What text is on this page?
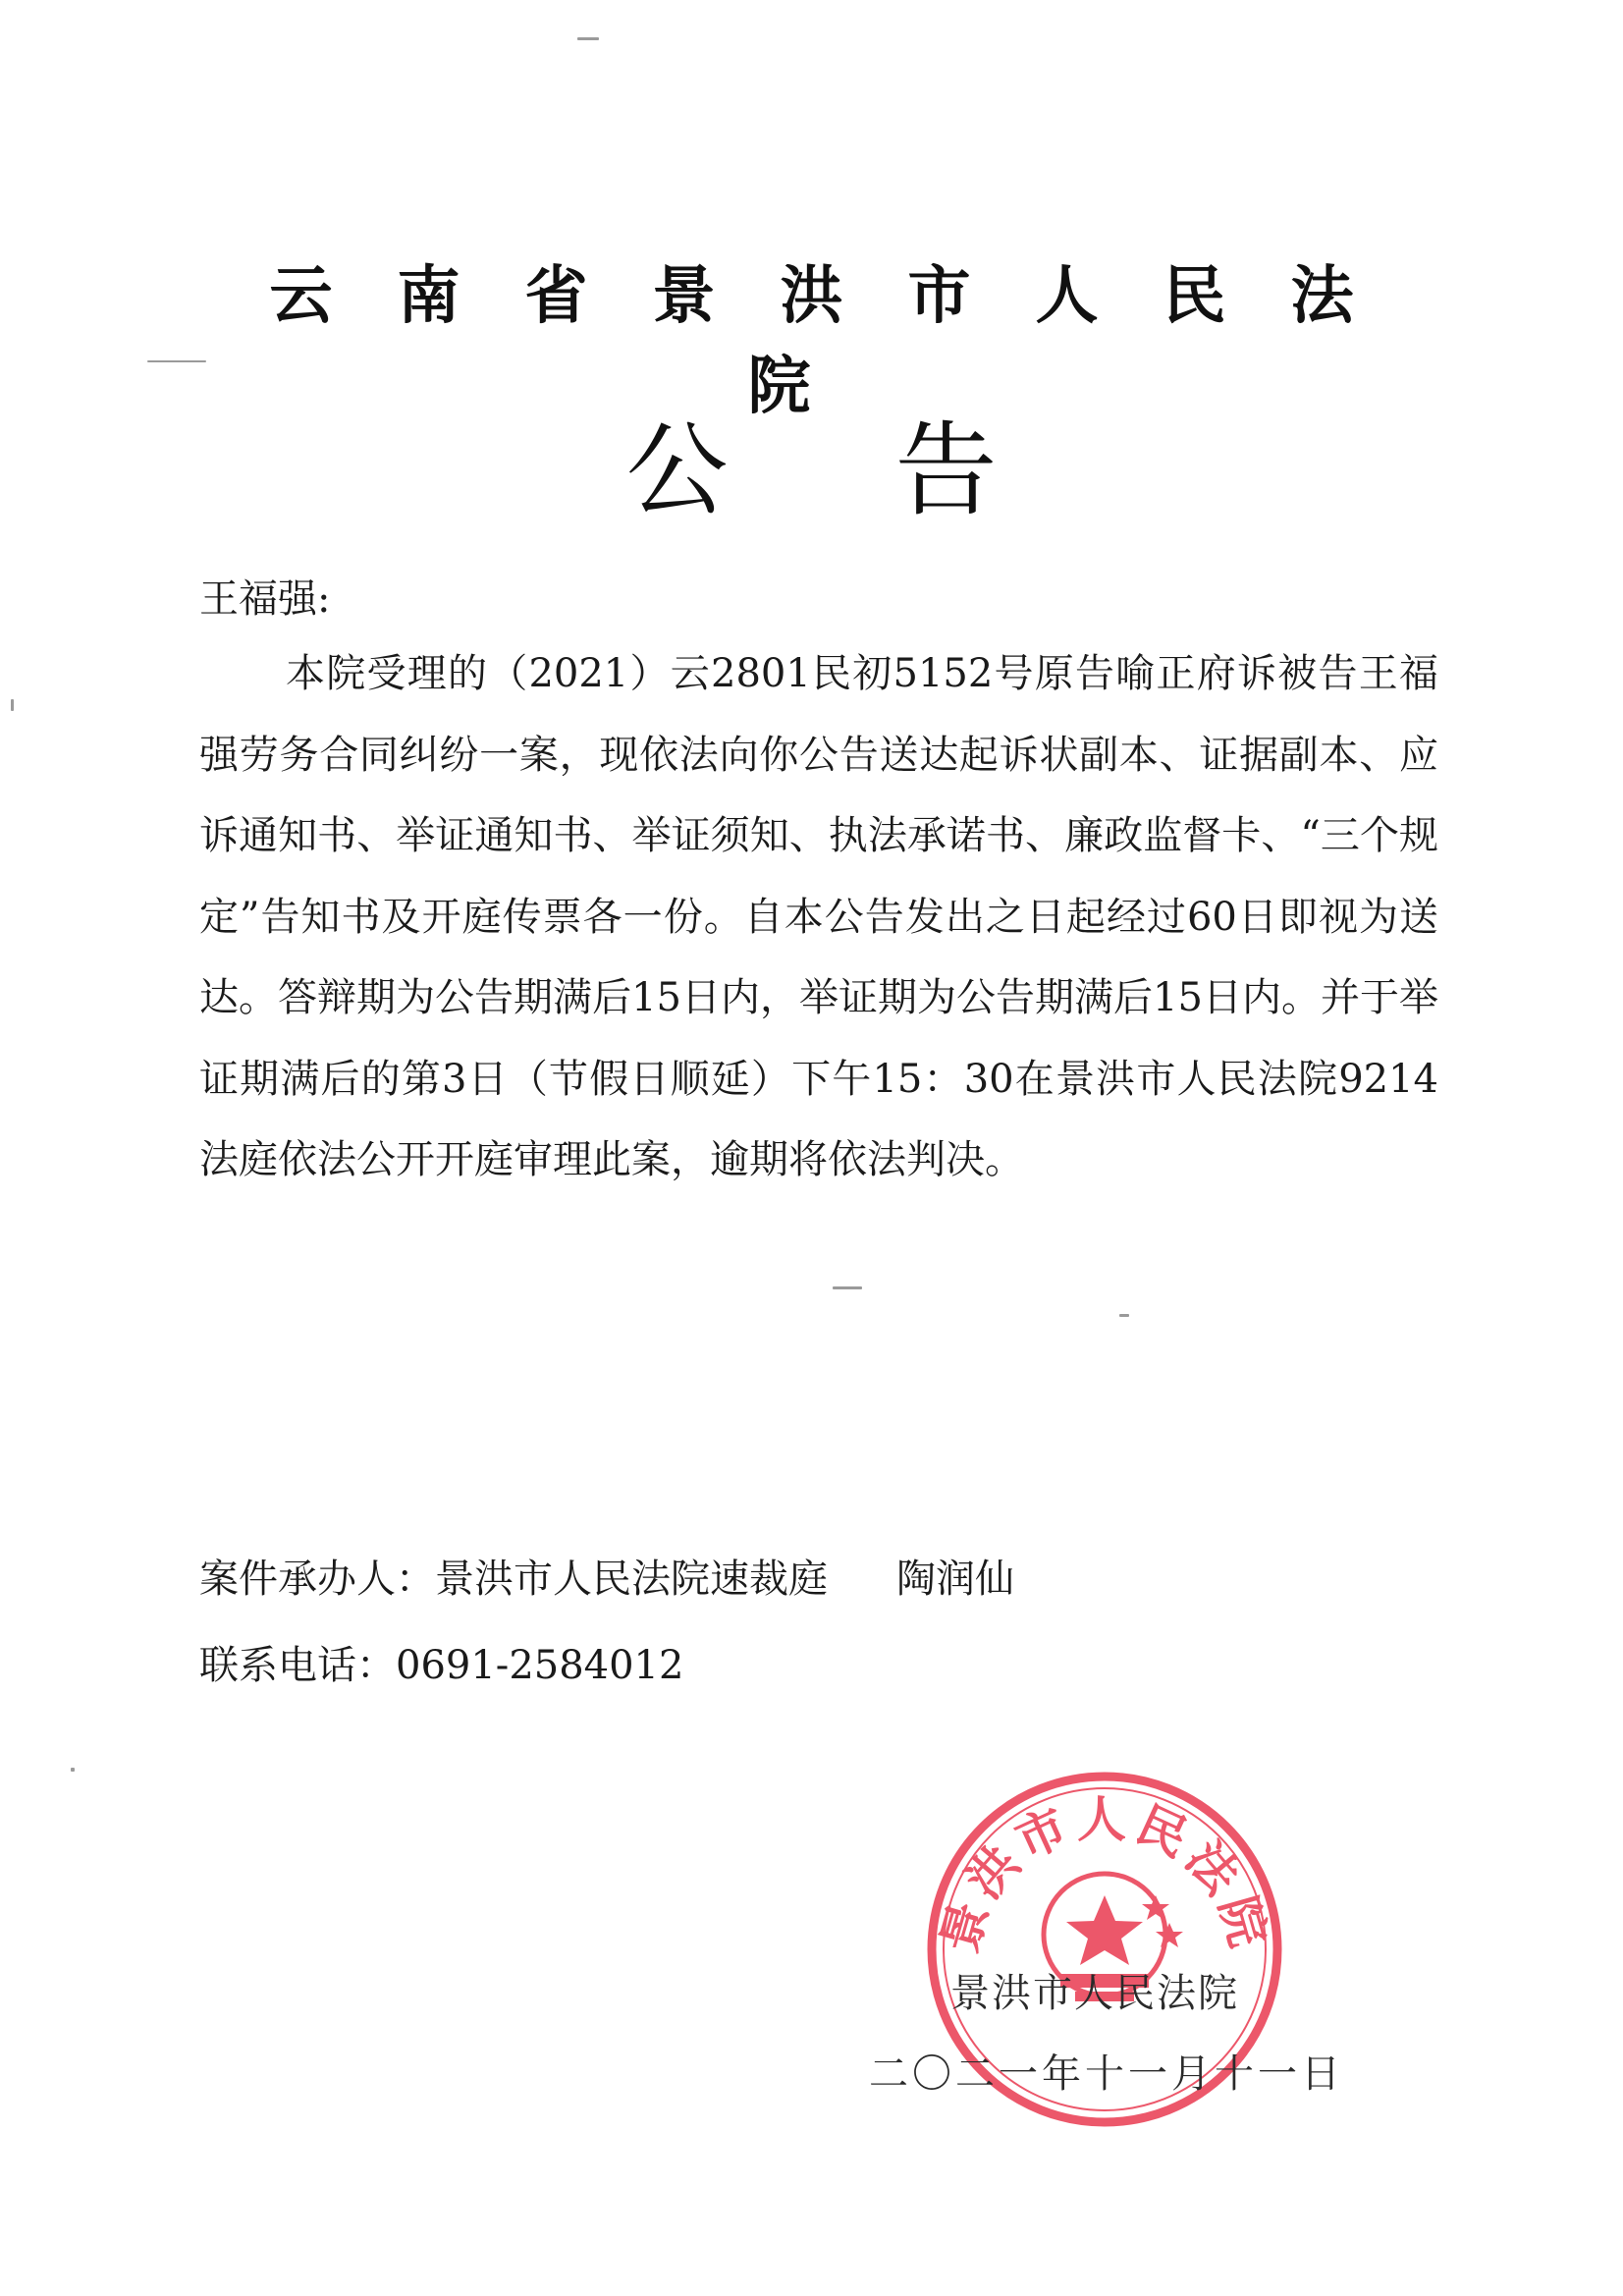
云南省景洪市人民法院
公告
王福强:
本院受理的（2021）云2801民初5152号原告喻正府诉被告王福强劳务合同纠纷一案，现依法向你公告送达起诉状副本、证据副本、应诉通知书、举证通知书、举证须知、执法承诺书、廉政监督卡、“三个规定”告知书及开庭传票各一份。自本公告发出之日起经过60日即视为送达。答辩期为公告期满后15日内，举证期为公告期满后15日内。并于举证期满后的第3日（节假日顺延）下午15：30在景洪市人民法院9214法庭依法公开开庭审理此案，逾期将依法判决。
案件承办人：景洪市人民法院速裁庭 陶润仙
联系电话：0691-2584012
景洪市人民法院
景洪市人民法院
二〇二一年十一月十一日
